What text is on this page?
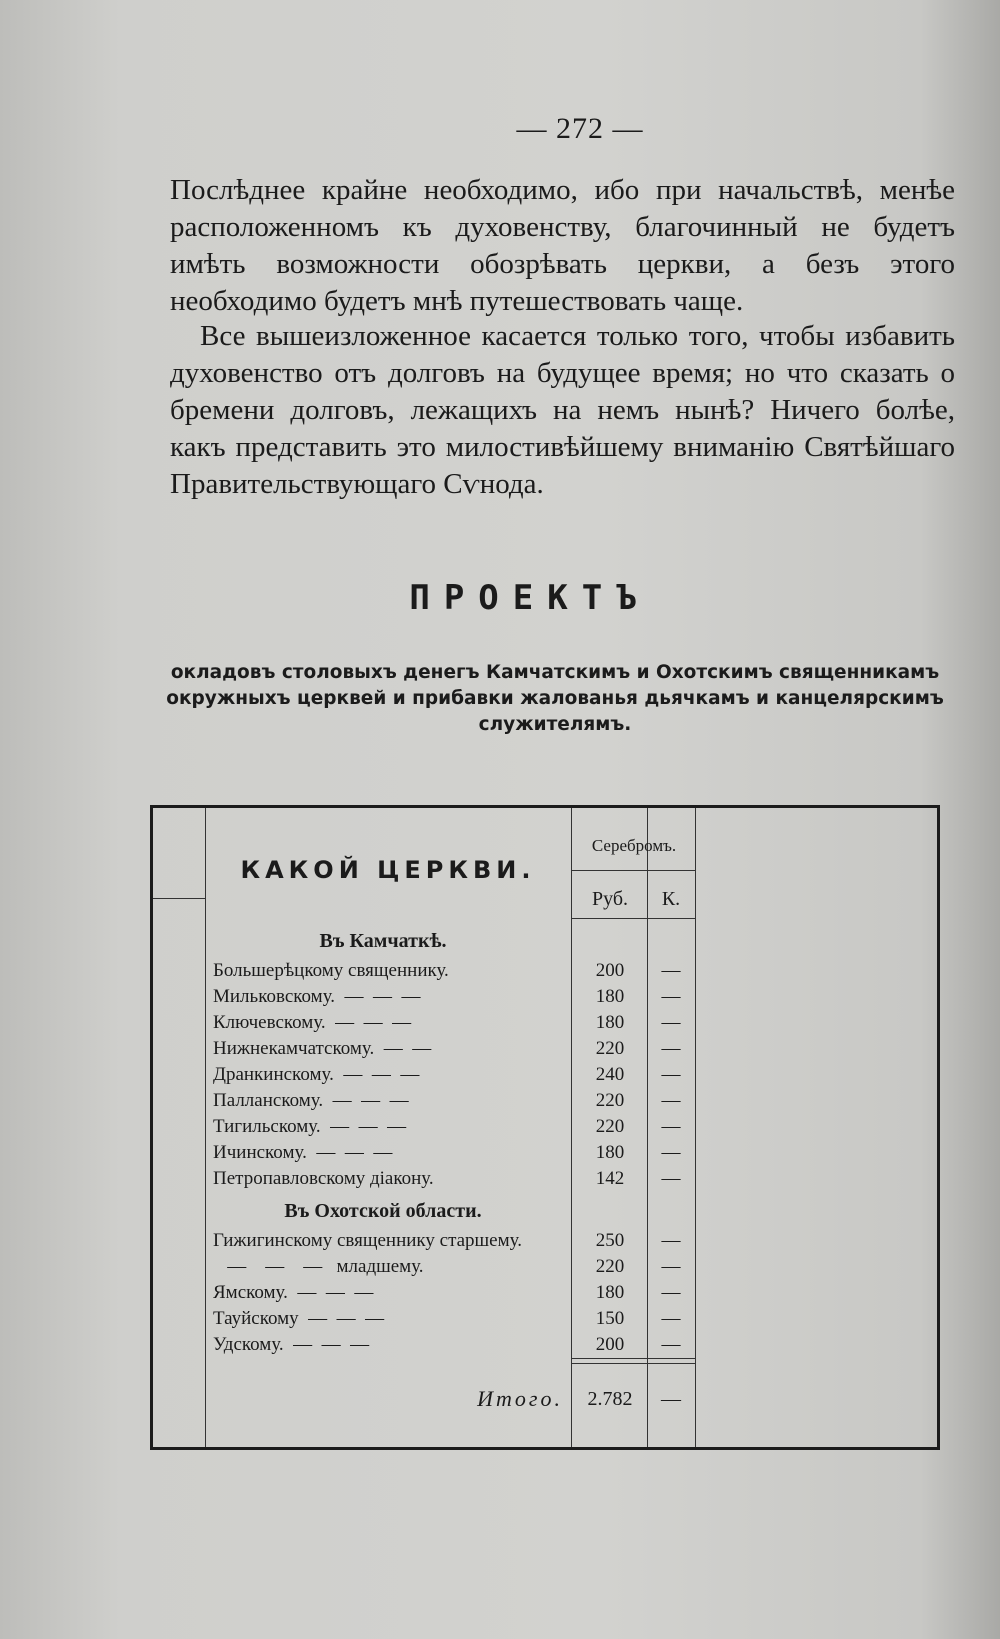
— 272 —
Послѣднее крайне необходимо, ибо при начальствѣ, менѣе расположенномъ къ духовенству, благочинный не будетъ имѣть возможности обозрѣвать церкви, а безъ этого необходимо будетъ мнѣ путешествовать чаще.
Все вышеизложенное касается только того, чтобы избавить духовенство отъ долговъ на будущее время; но что сказать о бремени долговъ, лежащихъ на немъ нынѣ? Ничего болѣе, какъ представить это милостивѣйшему вниманію Святѣйшаго Правительствующаго Сѵнода.
ПРОЕКТЪ
окладовъ столовыхъ денегъ Камчатскимъ и Охотскимъ священникамъ окружныхъ церквей и прибавки жалованья дьячкамъ и канцелярскимъ служителямъ.
КАКОЙ ЦЕРКВИ.
Серебромъ.
Руб.	К.
Въ Камчаткѣ.
Большерѣцкому священнику.	200	—
Мильковскому.  —  —  —	180	—
Ключевскому.  —  —  —	180	—
Нижнекамчатскому.  —  —	220	—
Дранкинскому.  —  —  —	240	—
Палланскому.  —  —  —	220	—
Тигильскому.  —  —  —	220	—
Ичинскому.  —  —  —	180	—
Петропавловскому діакону.	142	—
Въ Охотской области.
Гижигинскому священнику старшему.	250	—
—    —    —   младшему.	220	—
Ямскому.  —  —  —	180	—
Тауйскому  —  —  —	150	—
Удскому.  —  —  —	200	—
Итого.	2.782	—
